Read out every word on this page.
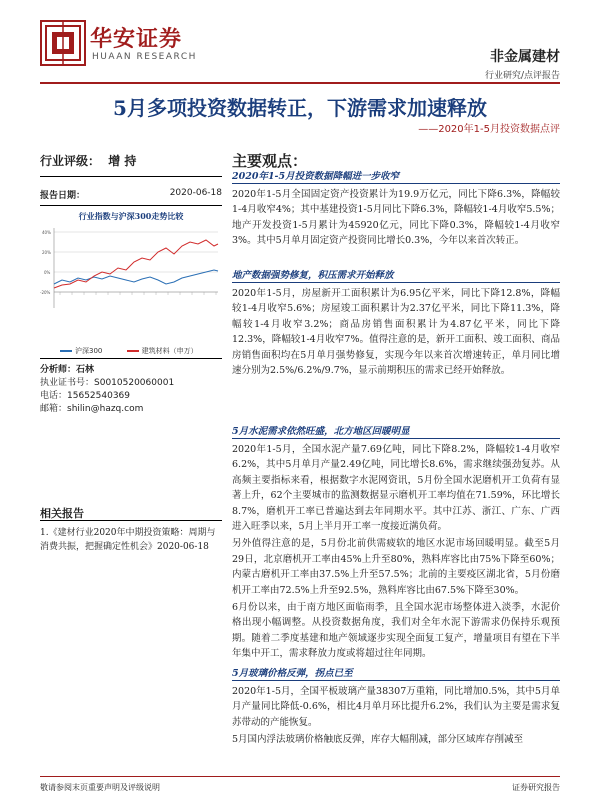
华安证券
HUAAN RESEARCH	非金属建材
行业研究/点评报告
5月多项投资数据转正，下游需求加速释放
——2020年1-5月投资数据点评
行业评级： 增 持
报告日期：	2020-06-18
行业指数与沪深300走势比较
40%
20%
0%
-20%
沪深300	建筑材料（申万）
分析师：石林
执业证书号：S0010520060001
电话：15652540369
邮箱：shilin@hazq.com
相关报告
1.《建材行业2020年中期投资策略：周期与消费共振，把握确定性机会》2020-06-18
主要观点：
2020年1-5月投资数据降幅进一步收窄
2020年1-5月全国固定资产投资累计为19.9万亿元，同比下降6.3%，降幅较1-4月收窄4%；其中基建投资1-5月同比下降6.3%，降幅较1-4月收窄5.5%；地产开发投资1-5月累计为45920亿元，同比下降0.3%，降幅较1-4月收窄3%。其中5月单月固定资产投资同比增长0.3%，今年以来首次转正。
地产数据强势修复，积压需求开始释放
2020年1-5月，房屋新开工面积累计为6.95亿平米，同比下降12.8%，降幅较1-4月收窄5.6%；房屋竣工面积累计为2.37亿平米，同比下降11.3%，降幅较1-4月收窄3.2%；商品房销售面积累计为4.87亿平米，同比下降12.3%，降幅较1-4月收窄7%。值得注意的是，新开工面积、竣工面积、商品房销售面积均在5月单月强势修复，实现今年以来首次增速转正，单月同比增速分别为2.5%/6.2%/9.7%，显示前期积压的需求已经开始释放。
5月水泥需求依然旺盛，北方地区回暖明显
2020年1-5月，全国水泥产量7.69亿吨，同比下降8.2%，降幅较1-4月收窄6.2%，其中5月单月产量2.49亿吨，同比增长8.6%，需求继续强劲复苏。从高频主要指标来看，根据数字水泥网资讯，5月份全国水泥磨机开工负荷有显著上升，62个主要城市的监测数据显示磨机开工率均值在71.59%，环比增长8.7%，磨机开工率已普遍达到去年同期水平。其中江苏、浙江、广东、广西进入旺季以来，5月上半月开工率一度接近满负荷。
另外值得注意的是，5月份北前供需疲软的地区水泥市场回暖明显。截至5月29日，北京磨机开工率由45%上升至80%，熟料库容比由75%下降至60%；内蒙古磨机开工率由37.5%上升至57.5%；北前的主要疫区湖北省，5月份磨机开工率由72.5%上升至92.5%，熟料库容比由67.5%下降至30%。
6月份以来，由于南方地区面临雨季，且全国水泥市场整体进入淡季，水泥价格出现小幅调整。从投资数据角度，我们对全年水泥下游需求仍保持乐观预期。随着二季度基建和地产领域逐步实现全面复工复产，增量项目有望在下半年集中开工，需求释放力度或将超过往年同期。
5月玻璃价格反弹，拐点已至
2020年1-5月，全国平板玻璃产量38307万重箱，同比增加0.5%，其中5月单月产量同比降低-0.6%，相比4月单月环比提升6.2%，我们认为主要是需求复苏带动的产能恢复。
5月国内浮法玻璃价格触底反弹，库存大幅削减，部分区域库存削减至
敬请参阅末页重要声明及评级说明	证券研究报告
